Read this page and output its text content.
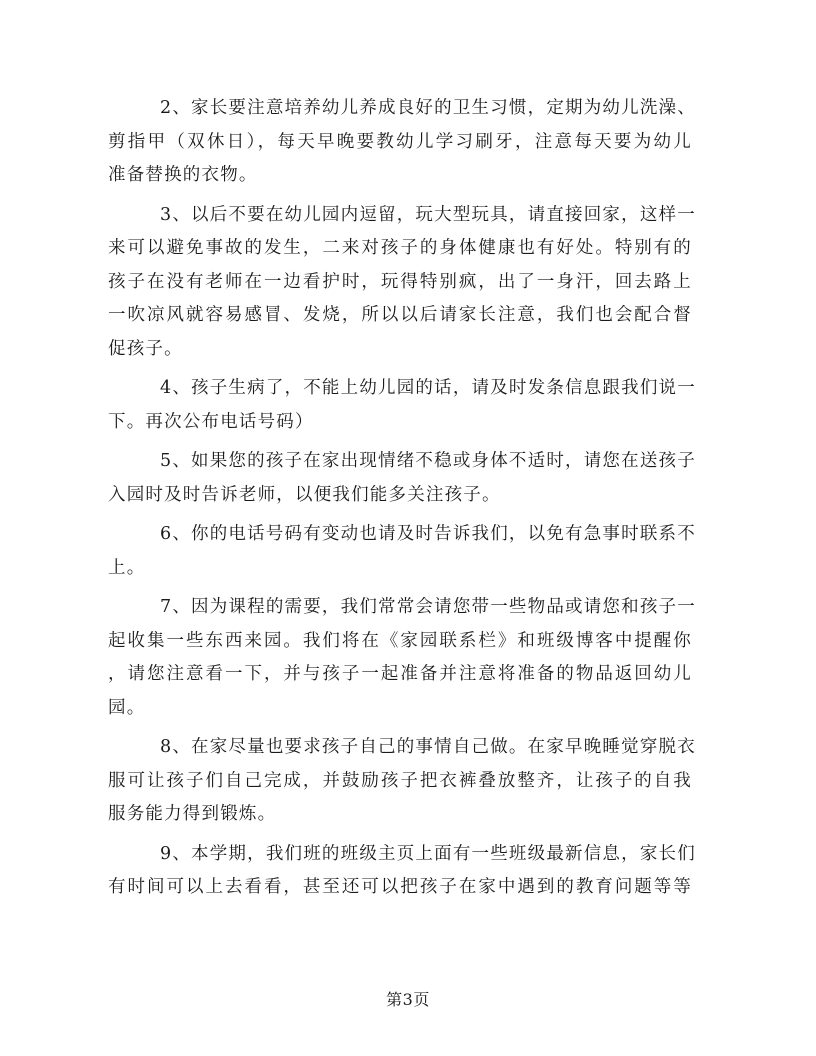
2、家长要注意培养幼儿养成良好的卫生习惯，定期为幼儿洗澡、
剪指甲（双休日），每天早晚要教幼儿学习刷牙，注意每天要为幼儿
准备替换的衣物。

3、以后不要在幼儿园内逗留，玩大型玩具，请直接回家，这样一
来可以避免事故的发生，二来对孩子的身体健康也有好处。特别有的
孩子在没有老师在一边看护时，玩得特别疯，出了一身汗，回去路上
一吹凉风就容易感冒、发烧，所以以后请家长注意，我们也会配合督
促孩子。

4、孩子生病了，不能上幼儿园的话，请及时发条信息跟我们说一
下。再次公布电话号码）

5、如果您的孩子在家出现情绪不稳或身体不适时，请您在送孩子
入园时及时告诉老师，以便我们能多关注孩子。

6、你的电话号码有变动也请及时告诉我们，以免有急事时联系不
上。

7、因为课程的需要，我们常常会请您带一些物品或请您和孩子一
起收集一些东西来园。我们将在《家园联系栏》和班级博客中提醒你
，请您注意看一下，并与孩子一起准备并注意将准备的物品返回幼儿
园。

8、在家尽量也要求孩子自己的事情自己做。在家早晚睡觉穿脱衣
服可让孩子们自己完成，并鼓励孩子把衣裤叠放整齐，让孩子的自我
服务能力得到锻炼。

9、本学期，我们班的班级主页上面有一些班级最新信息，家长们
有时间可以上去看看，甚至还可以把孩子在家中遇到的教育问题等等

第3页
